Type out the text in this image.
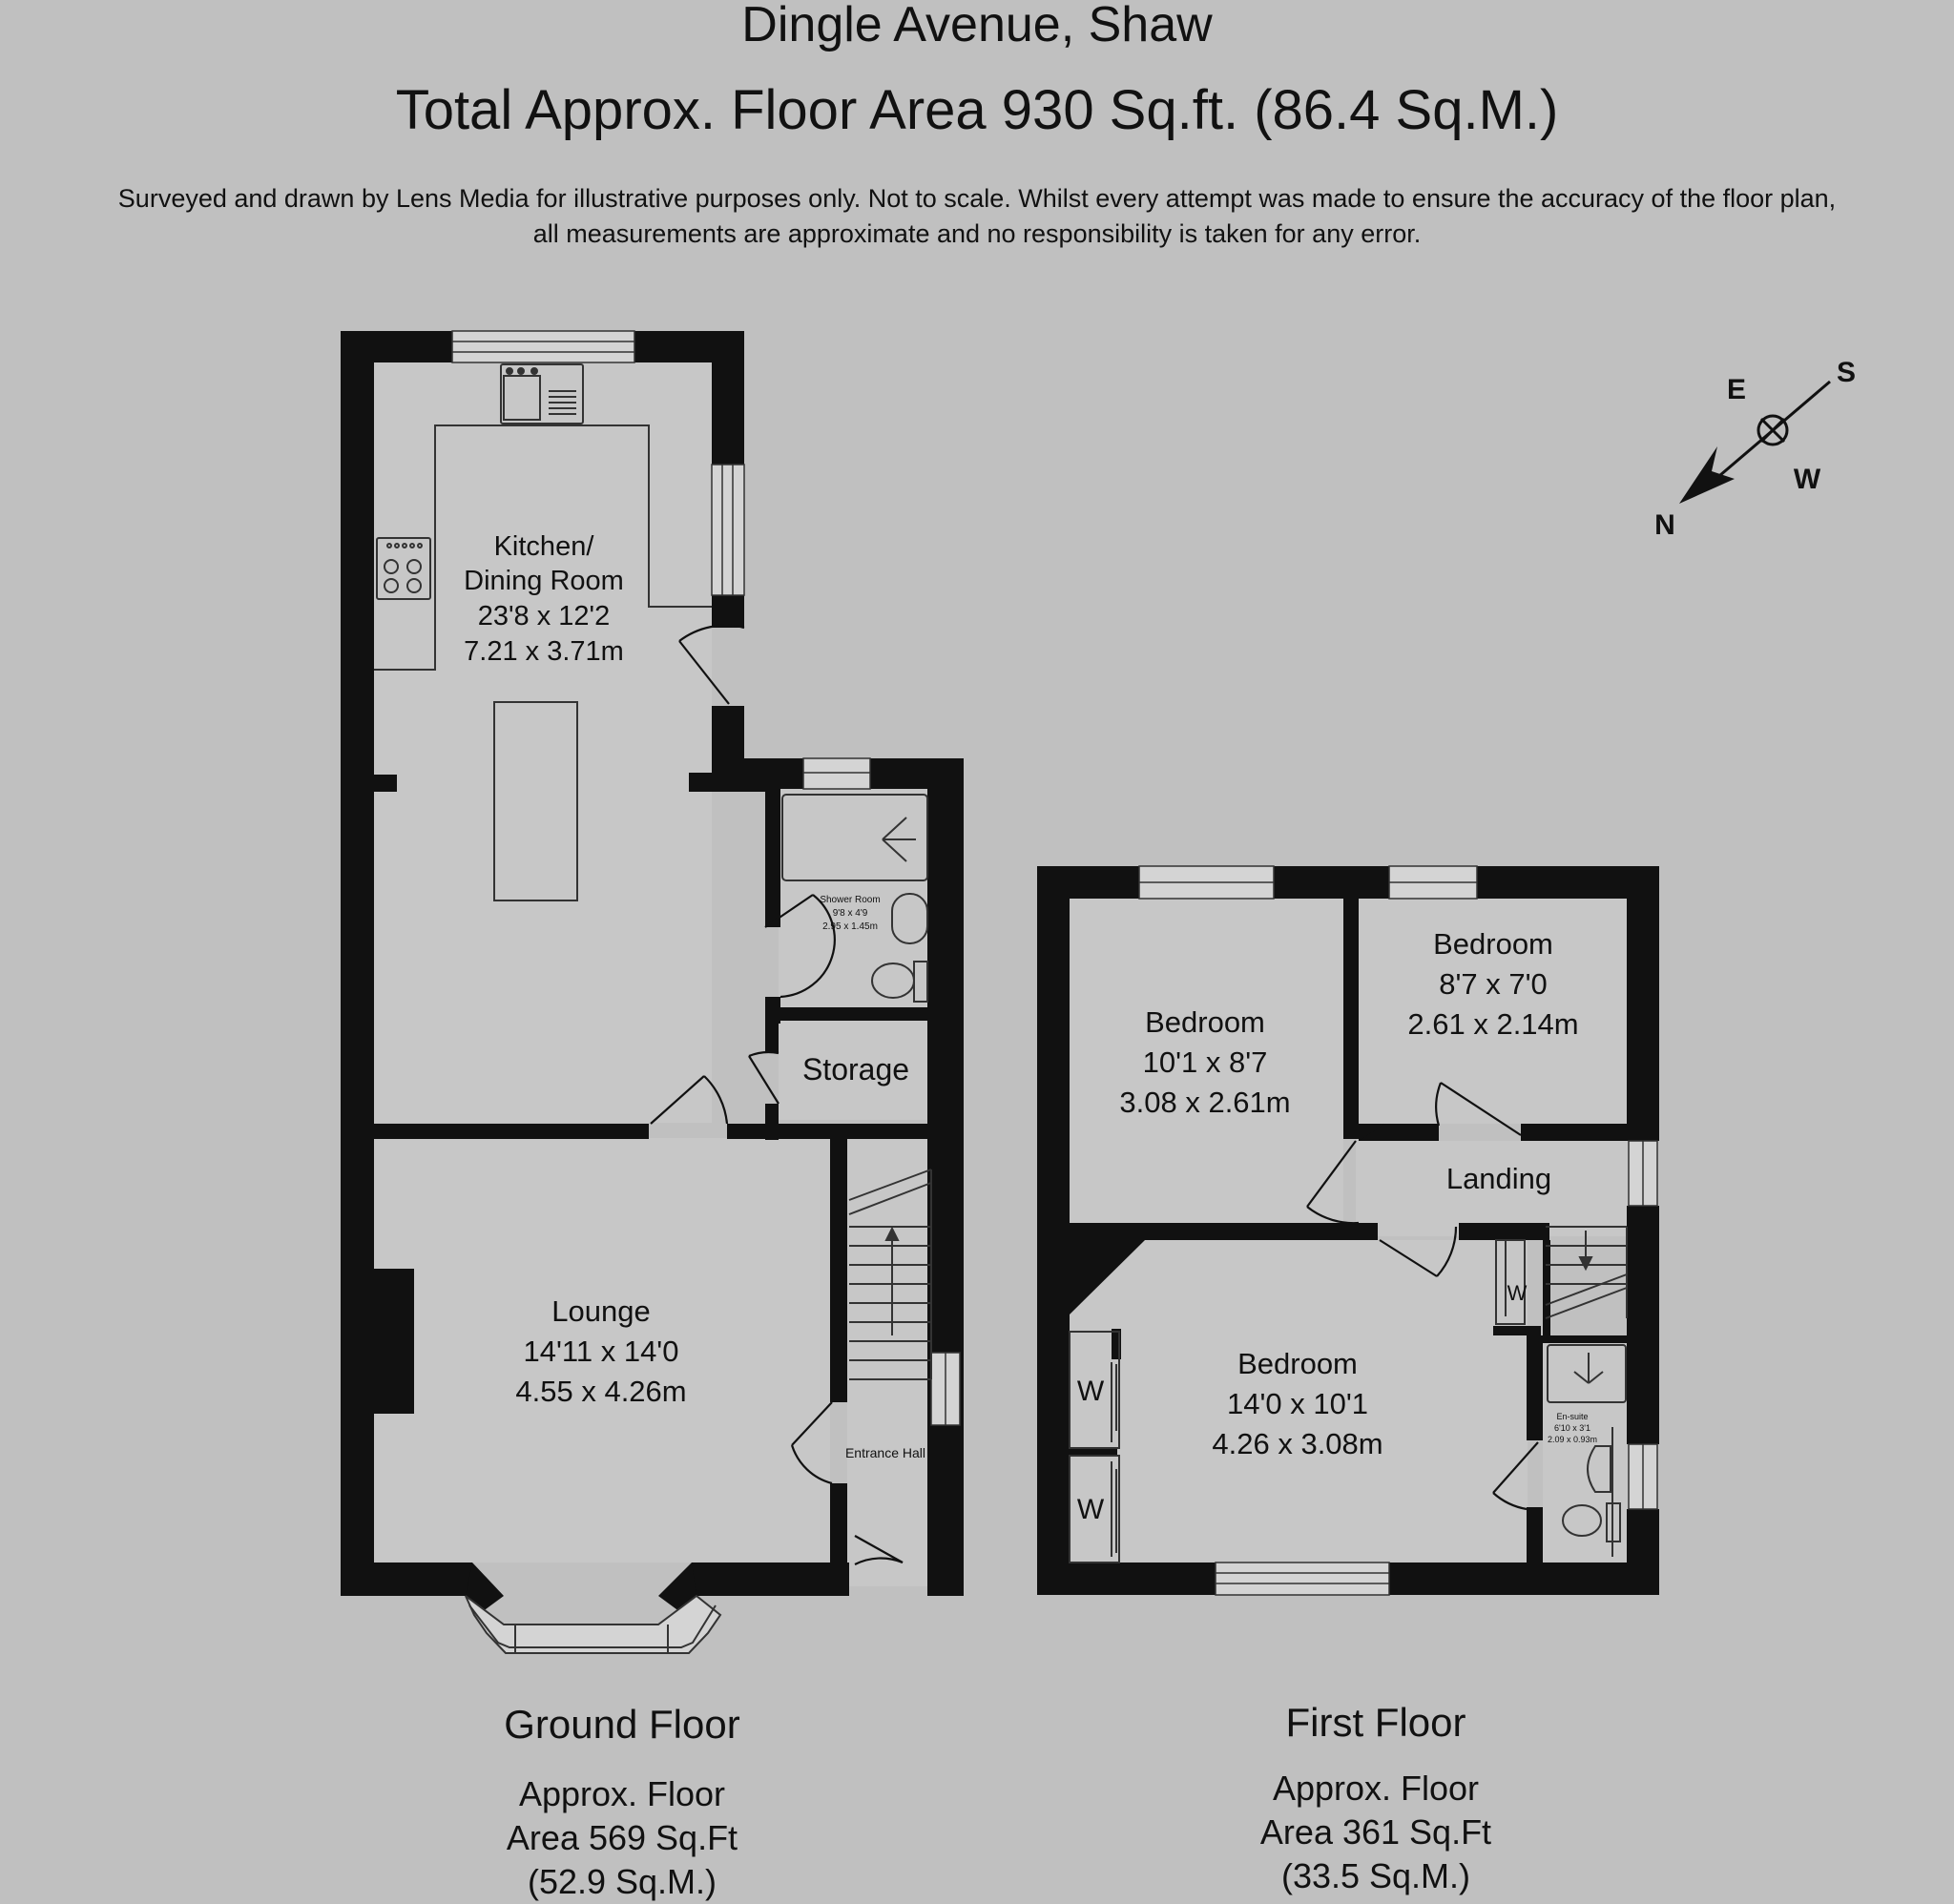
Dingle Avenue, Shaw
Total Approx. Floor Area 930 Sq.ft. (86.4 Sq.M.)
Surveyed and drawn by Lens Media for illustrative purposes only. Not to scale. Whilst every attempt was made to ensure the accuracy of the floor plan,
all measurements are approximate and no responsibility is taken for any error.
Kitchen/
Dining Room
23'8 x 12'2
7.21 x 3.71m
Shower Room
9'8 x 4'9
2.95 x 1.45m
Storage
Lounge
14'11 x 14'0
4.55 x 4.26m
Entrance Hall
Bedroom
10'1 x 8'7
3.08 x 2.61m
Bedroom
8'7 x 7'0
2.61 x 2.14m
Landing
Bedroom
14'0 x 10'1
4.26 x 3.08m
En-suite
6'10 x 3'1
2.09 x 0.93m
W
W
W
E
S
W
N
Ground Floor
Approx. Floor
Area 569 Sq.Ft
(52.9 Sq.M.)
First Floor
Approx. Floor
Area 361 Sq.Ft
(33.5 Sq.M.)
